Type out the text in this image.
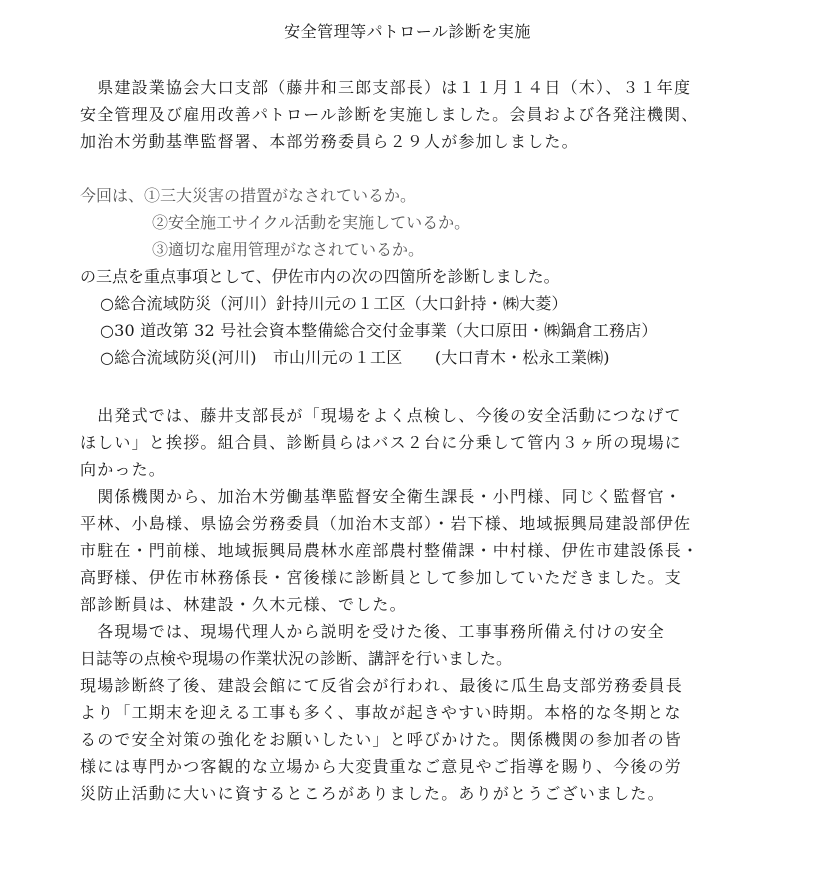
安全管理等パトロール診断を実施
　県建設業協会大口支部（藤井和三郎支部長）は１１月１４日（木）、３１年度
安全管理及び雇用改善パトロール診断を実施しました。会員および各発注機関、
加治木労動基準監督署、本部労務委員ら２９人が参加しました。
今回は、①三大災害の措置がなされているか。
②安全施工サイクル活動を実施しているか。
③適切な雇用管理がなされているか。
の三点を重点事項として、伊佐市内の次の四箇所を診断しました。
○総合流域防災（河川）針持川元の１工区（大口針持・㈱大菱）
○30 道改第 32 号社会資本整備総合交付金事業（大口原田・㈱鍋倉工務店）
○総合流域防災(河川)　市山川元の１工区　　(大口青木・松永工業㈱)
　出発式では、藤井支部長が「現場をよく点検し、今後の安全活動につなげて
ほしい」と挨拶。組合員、診断員らはバス２台に分乗して管内３ヶ所の現場に
向かった。
　関係機関から、加治木労働基準監督安全衛生課長・小門様、同じく監督官・
平林、小島様、県協会労務委員（加治木支部）・岩下様、地域振興局建設部伊佐
市駐在・門前様、地域振興局農林水産部農村整備課・中村様、伊佐市建設係長・
高野様、伊佐市林務係長・宮後様に診断員として参加していただきました。支
部診断員は、林建設・久木元様、でした。
　各現場では、現場代理人から説明を受けた後、工事事務所備え付けの安全
日誌等の点検や現場の作業状況の診断、講評を行いました。
現場診断終了後、建設会館にて反省会が行われ、最後に瓜生島支部労務委員長
より「工期末を迎える工事も多く、事故が起きやすい時期。本格的な冬期とな
るので安全対策の強化をお願いしたい」と呼びかけた。関係機関の参加者の皆
様には専門かつ客観的な立場から大変貴重なご意見やご指導を賜り、今後の労
災防止活動に大いに資するところがありました。ありがとうございました。
